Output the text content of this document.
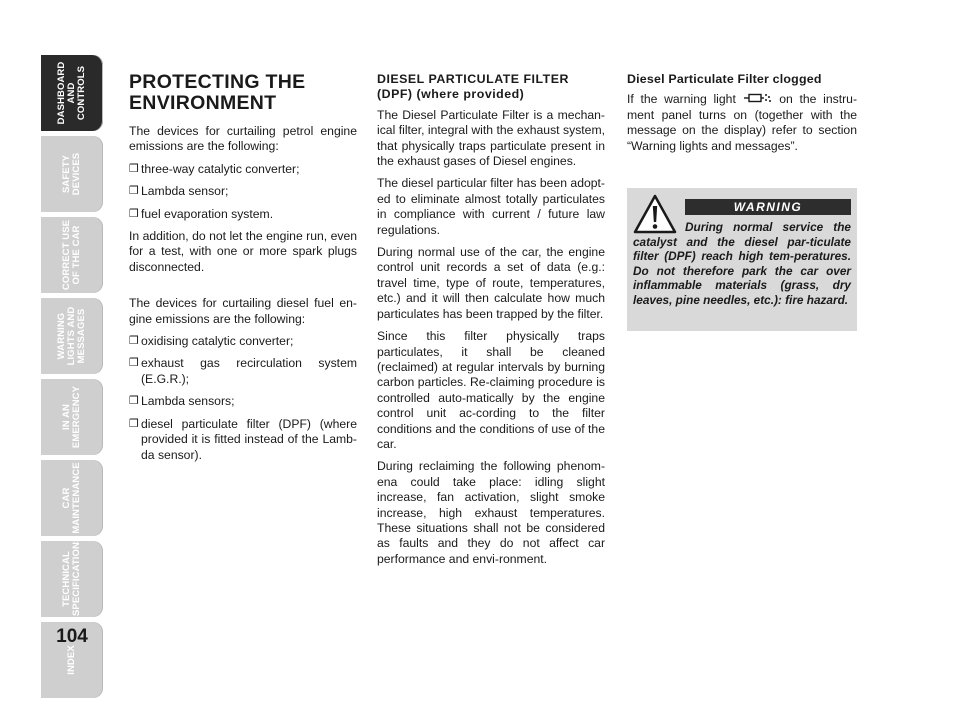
DASHBOARD
AND CONTROLS
SAFETY
DEVICES
CORRECT USE
OF THE CAR
WARNING
LIGHTS AND
MESSAGES
IN AN
EMERGENCY
CAR
MAINTENANCE
TECHNICAL
SPECIFICATIONS
INDEX
104
PROTECTING THE
ENVIRONMENT

The devices for curtailing petrol engine emissions are the following:

❒ three-way catalytic converter;
❒ Lambda sensor;
❒ fuel evaporation system.

In addition, do not let the engine run, even for a test, with one or more spark plugs disconnected.

The devices for curtailing diesel fuel en-gine emissions are the following:

❒ oxidising catalytic converter;
❒ exhaust gas recirculation system (E.G.R.);
❒ Lambda sensors;
❒ diesel particulate filter (DPF) (where provided it is fitted instead of the Lamb-da sensor).
DIESEL PARTICULATE FILTER
(DPF) (where provided)

The Diesel Particulate Filter is a mechan-ical filter, integral with the exhaust system, that physically traps particulate present in the exhaust gases of Diesel engines.

The diesel particular filter has been adopt-ed to eliminate almost totally particulates in compliance with current / future law regulations.

During normal use of the car, the engine control unit records a set of data (e.g.: travel time, type of route, temperatures, etc.) and it will then calculate how much particulates has been trapped by the filter.

Since this filter physically traps particulates, it shall be cleaned (reclaimed) at regular intervals by burning carbon particles. Re-claiming procedure is controlled auto-matically by the engine control unit ac-cording to the filter conditions and the conditions of use of the car.

During reclaiming the following phenom-ena could take place: idling slight increase, fan activation, slight smoke increase, high exhaust temperatures. These situations shall not be considered as faults and they do not affect car performance and envi-ronment.

Diesel Particulate Filter clogged

If the warning light	on the instru-ment panel turns on (together with the message on the display) refer to section “Warning lights and messages”.

WARNING
During normal service the catalyst and the diesel par-ticulate filter (DPF) reach high tem-peratures. Do not therefore park the car over inflammable materials (grass, dry leaves, pine needles, etc.): fire hazard.
